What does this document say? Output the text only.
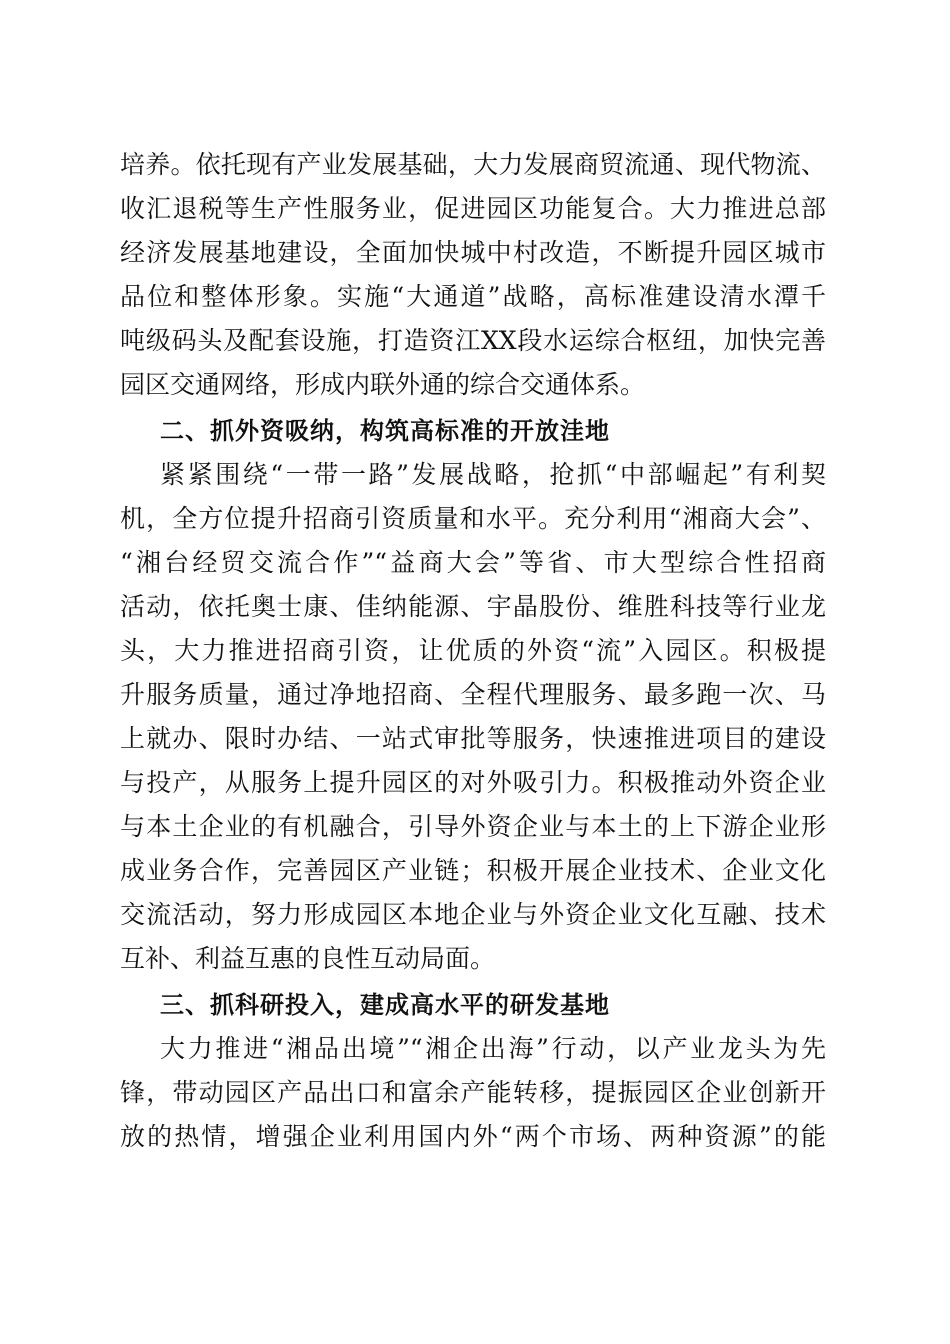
培养。依托现有产业发展基础，大力发展商贸流通、现代物流、
收汇退税等生产性服务业，促进园区功能复合。大力推进总部
经济发展基地建设，全面加快城中村改造，不断提升园区城市
品位和整体形象。实施“大通道”战略，高标准建设清水潭千
吨级码头及配套设施，打造资江XX段水运综合枢纽，加快完善
园区交通网络，形成内联外通的综合交通体系。
二、抓外资吸纳，构筑高标准的开放洼地
紧紧围绕“一带一路”发展战略，抢抓“中部崛起”有利契
机，全方位提升招商引资质量和水平。充分利用“湘商大会”、
“湘台经贸交流合作”“益商大会”等省、市大型综合性招商
活动，依托奥士康、佳纳能源、宇晶股份、维胜科技等行业龙
头，大力推进招商引资，让优质的外资“流”入园区。积极提
升服务质量，通过净地招商、全程代理服务、最多跑一次、马
上就办、限时办结、一站式审批等服务，快速推进项目的建设
与投产，从服务上提升园区的对外吸引力。积极推动外资企业
与本土企业的有机融合，引导外资企业与本土的上下游企业形
成业务合作，完善园区产业链；积极开展企业技术、企业文化
交流活动，努力形成园区本地企业与外资企业文化互融、技术
互补、利益互惠的良性互动局面。
三、抓科研投入，建成高水平的研发基地
大力推进“湘品出境”“湘企出海”行动，以产业龙头为先
锋，带动园区产品出口和富余产能转移，提振园区企业创新开
放的热情，增强企业利用国内外“两个市场、两种资源”的能
